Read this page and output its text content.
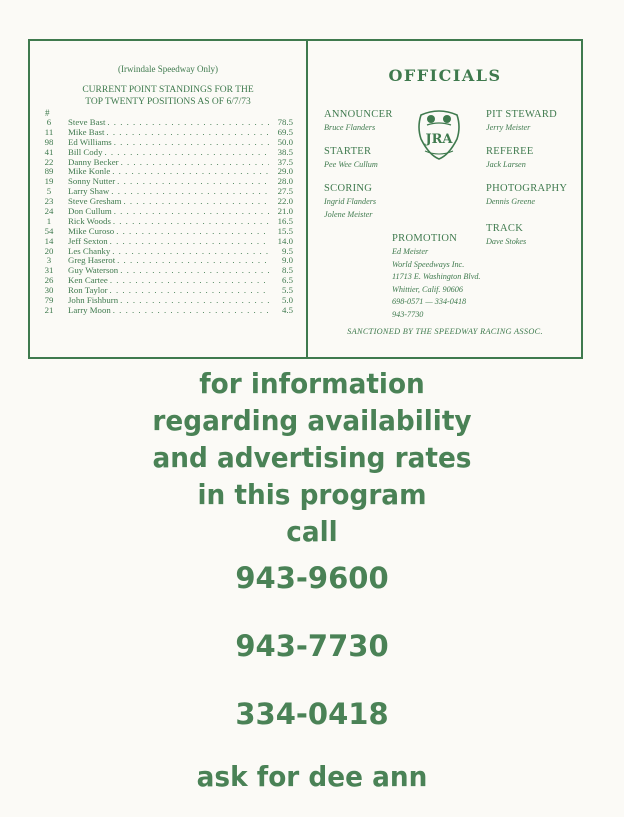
(Irwindale Speedway Only)
CURRENT POINT STANDINGS FOR THE
TOP TWENTY POSITIONS AS OF 6/7/73
#
6	Steve Bast . . .	78.5
11	Mike Bast . . .	69.5
98	Ed Williams . . .	50.0
41	Bill Cody . . .	38.5
22	Danny Becker . . .	37.5
89	Mike Konle . . .	29.0
19	Sonny Nutter . . .	28.0
5	Larry Shaw . . .	27.5
23	Steve Gresham . . .	22.0
24	Don Cullum . . .	21.0
1	Rick Woods . . .	16.5
54	Mike Curoso . . .	15.5
14	Jeff Sexton . . .	14.0
20	Les Chanky . . .	9.5
3	Greg Haserot . . .	9.0
31	Guy Waterson . . .	8.5
26	Ken Cartee . . .	6.5
30	Ron Taylor . . .	5.5
79	John Fishburn . . .	5.0
21	Larry Moon . . .	4.5
OFFICIALS
ANNOUNCER
Bruce Flanders
STARTER
Pee Wee Cullum
SCORING
Ingrid Flanders
Jolene Meister
JRA
PIT STEWARD
Jerry Meister
REFEREE
Jack Larsen
PHOTOGRAPHY
Dennis Greene
TRACK
Dave Stokes
PROMOTION
Ed Meister
World Speedways Inc.
11713 E. Washington Blvd.
Whittier, Calif. 90606
698-0571 — 334-0418
943-7730
SANCTIONED BY THE SPEEDWAY RACING ASSOC.
for information
regarding availability
and advertising rates
in this program
call
943-9600
943-7730
334-0418
ask for dee ann
